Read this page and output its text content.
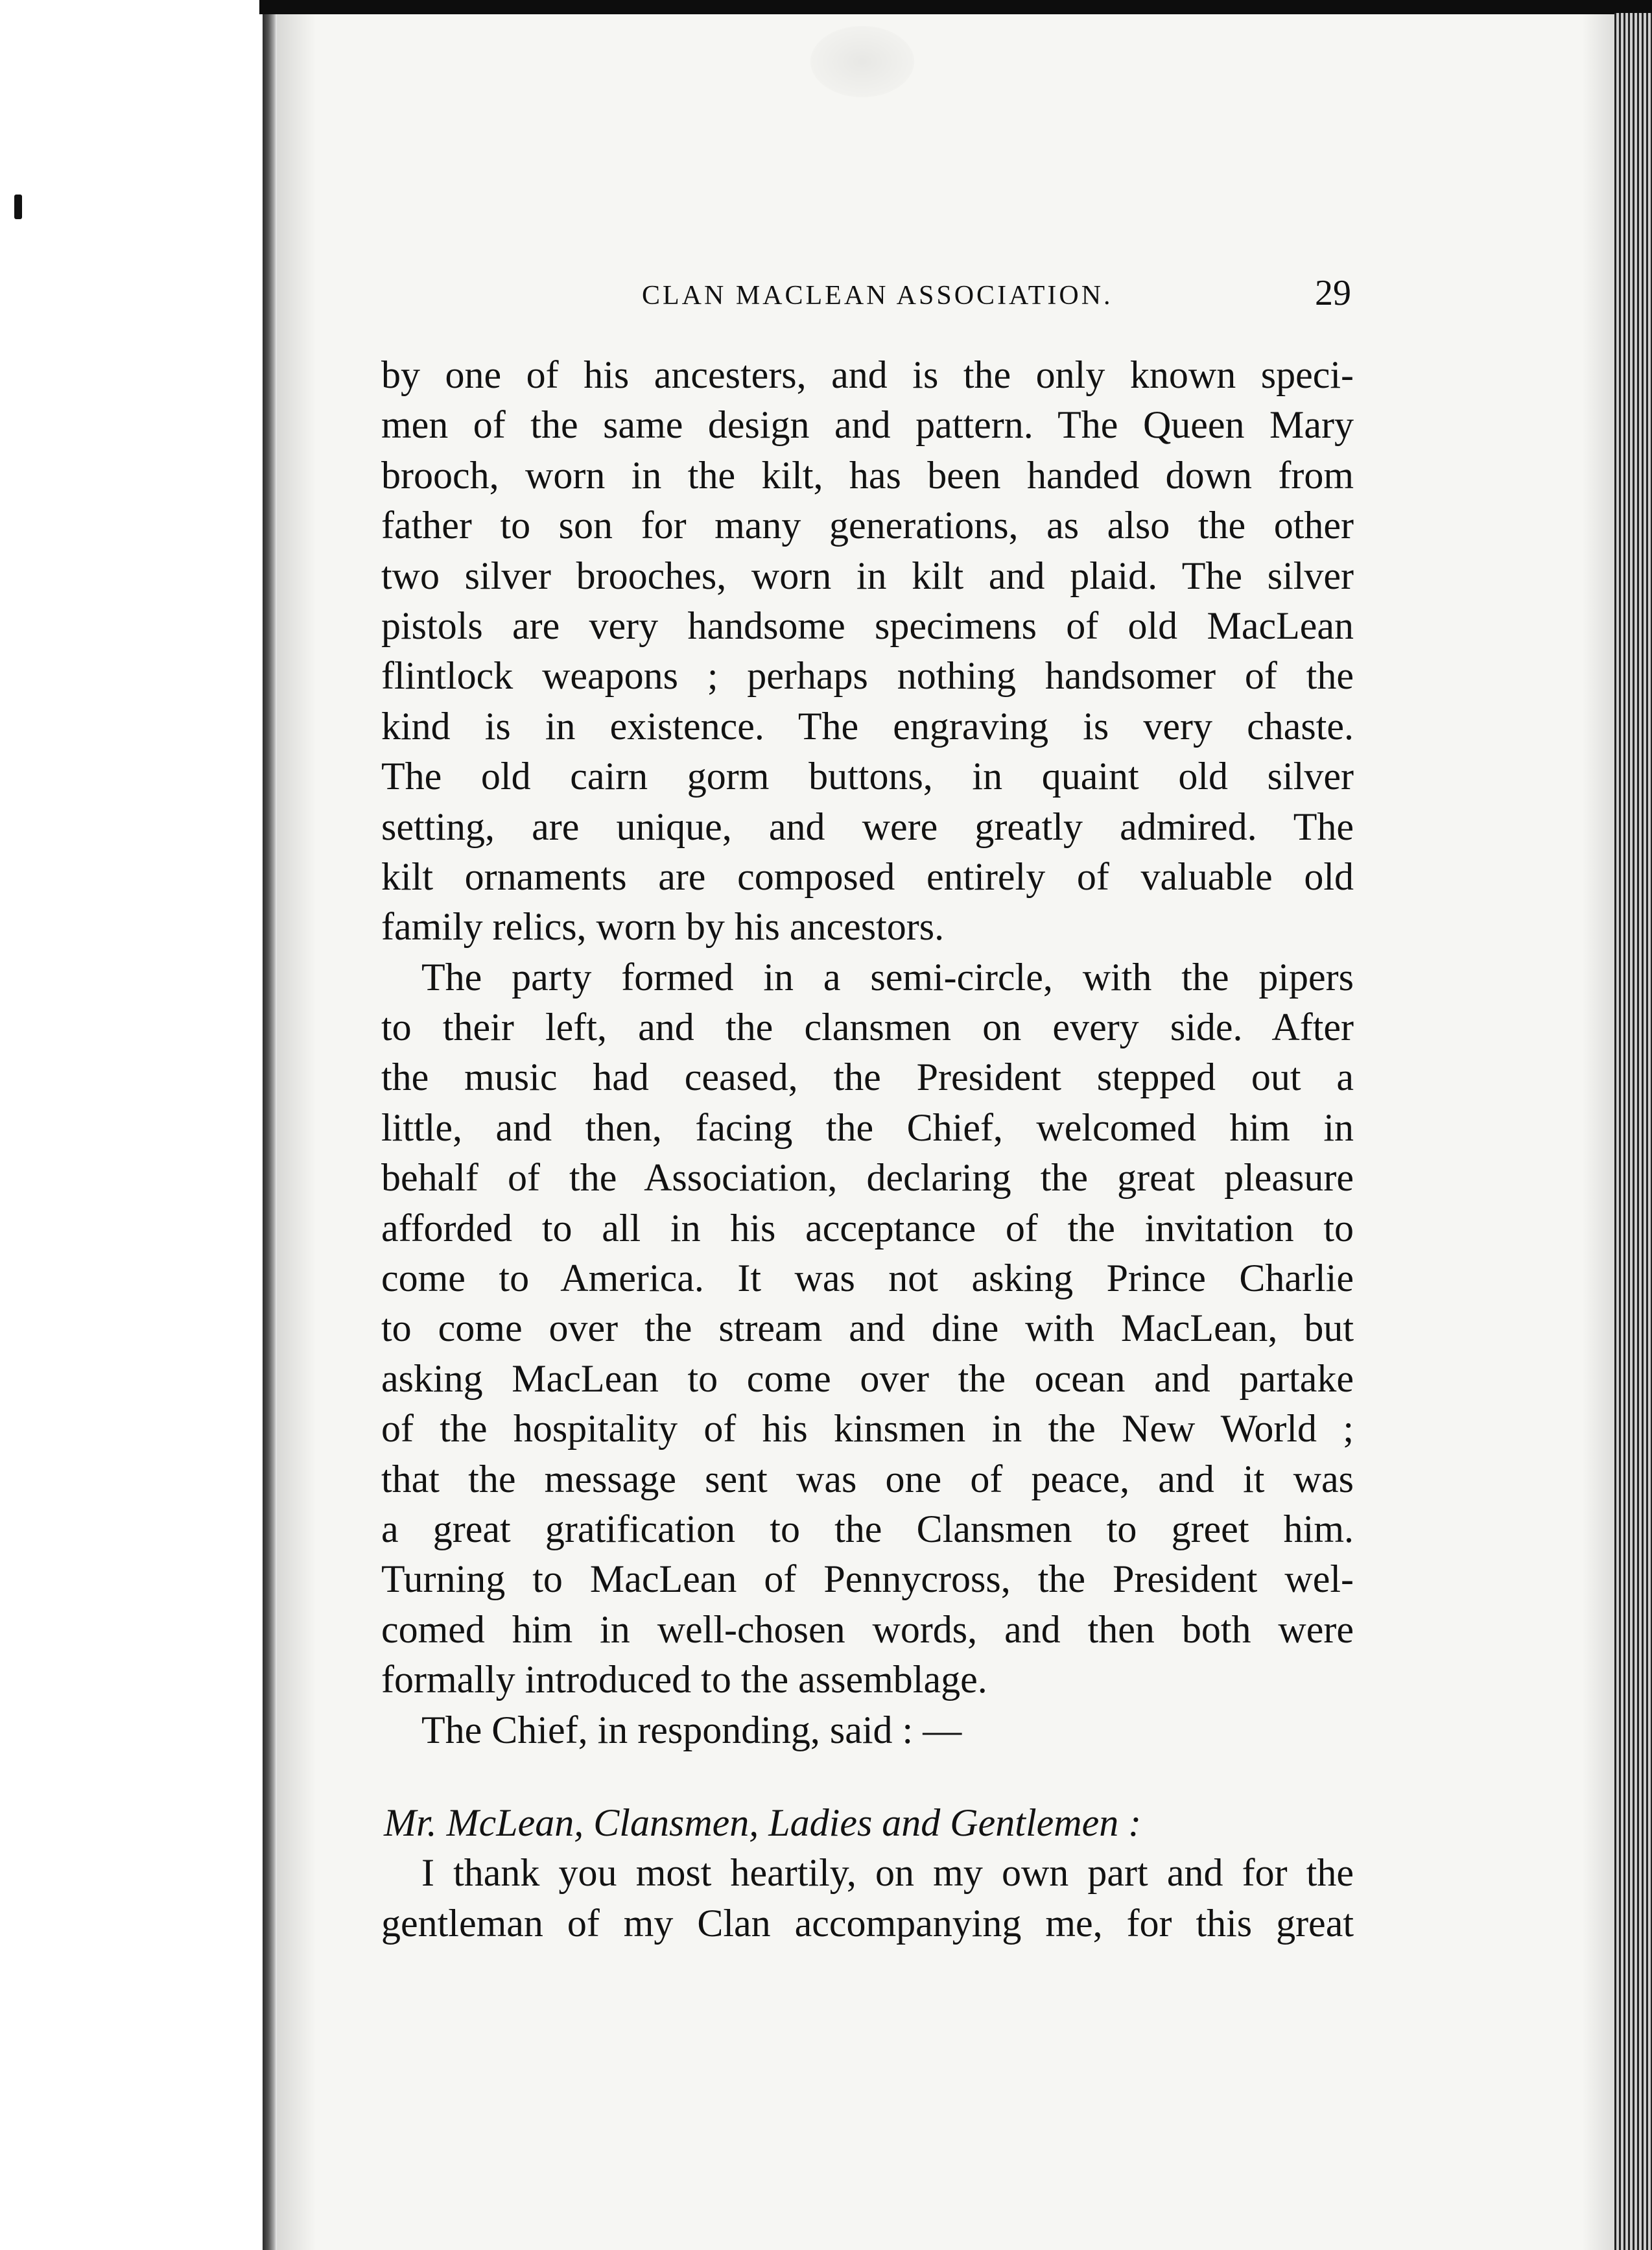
CLAN MACLEAN ASSOCIATION.	29
by one of his ancesters, and is the only known speci-
men of the same design and pattern. The Queen Mary
brooch, worn in the kilt, has been handed down from
father to son for many generations, as also the other
two silver brooches, worn in kilt and plaid. The silver
pistols are very handsome specimens of old MacLean
flintlock weapons ; perhaps nothing handsomer of the
kind is in existence. The engraving is very chaste.
The old cairn gorm buttons, in quaint old silver
setting, are unique, and were greatly admired. The
kilt ornaments are composed entirely of valuable old
family relics, worn by his ancestors.
The party formed in a semi-circle, with the pipers
to their left, and the clansmen on every side. After
the music had ceased, the President stepped out a
little, and then, facing the Chief, welcomed him in
behalf of the Association, declaring the great pleasure
afforded to all in his acceptance of the invitation to
come to America. It was not asking Prince Charlie
to come over the stream and dine with MacLean, but
asking MacLean to come over the ocean and partake
of the hospitality of his kinsmen in the New World ;
that the message sent was one of peace, and it was
a great gratification to the Clansmen to greet him.
Turning to MacLean of Pennycross, the President wel-
comed him in well-chosen words, and then both were
formally introduced to the assemblage.
The Chief, in responding, said : —
Mr. McLean, Clansmen, Ladies and Gentlemen :
I thank you most heartily, on my own part and for the
gentleman of my Clan accompanying me, for this great
